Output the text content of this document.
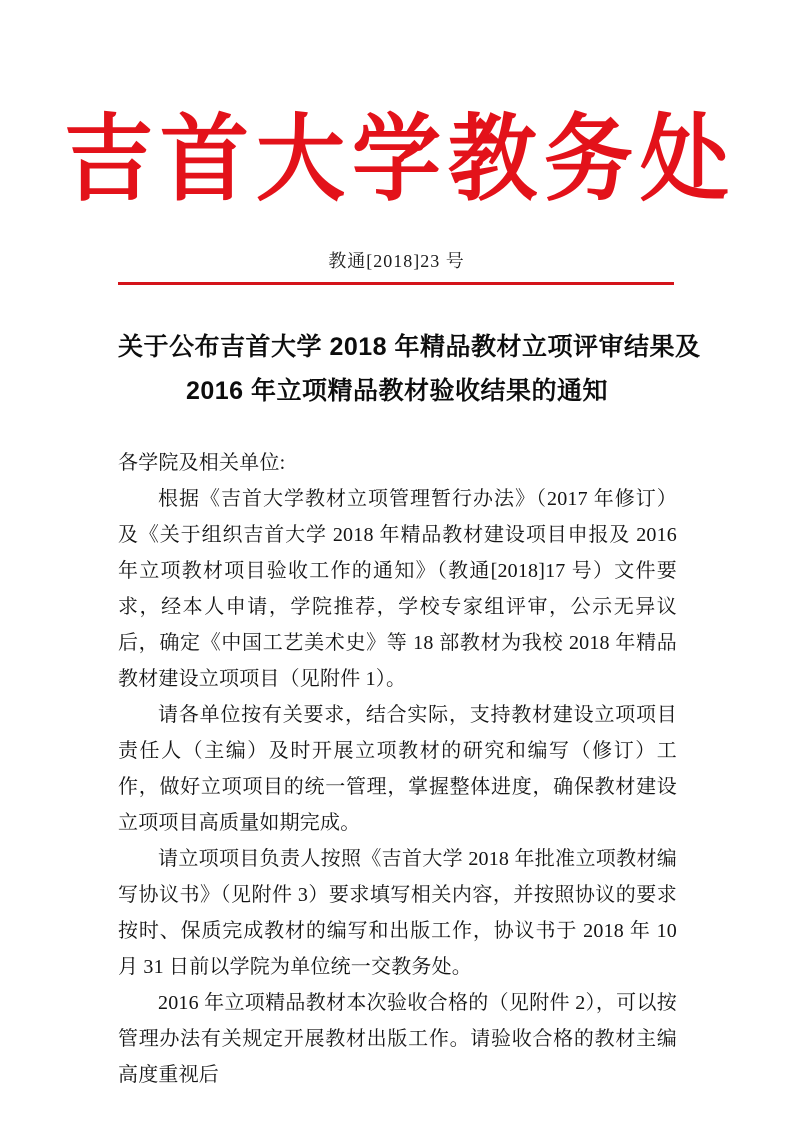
吉首大学教务处
教通[2018]23 号
关于公布吉首大学 2018 年精品教材立项评审结果及
2016 年立项精品教材验收结果的通知

各学院及相关单位:

根据《吉首大学教材立项管理暂行办法》（2017 年修订）及《关于组织吉首大学 2018 年精品教材建设项目申报及 2016 年立项教材项目验收工作的通知》（教通[2018]17 号）文件要求，经本人申请，学院推荐，学校专家组评审，公示无异议后，确定《中国工艺美术史》等 18 部教材为我校 2018 年精品教材建设立项项目（见附件 1）。

请各单位按有关要求，结合实际，支持教材建设立项项目责任人（主编）及时开展立项教材的研究和编写（修订）工作，做好立项项目的统一管理，掌握整体进度，确保教材建设立项项目高质量如期完成。

请立项项目负责人按照《吉首大学 2018 年批准立项教材编写协议书》（见附件 3）要求填写相关内容，并按照协议的要求按时、保质完成教材的编写和出版工作，协议书于 2018 年 10 月 31 日前以学院为单位统一交教务处。

2016 年立项精品教材本次验收合格的（见附件 2），可以按管理办法有关规定开展教材出版工作。请验收合格的教材主编高度重视后
